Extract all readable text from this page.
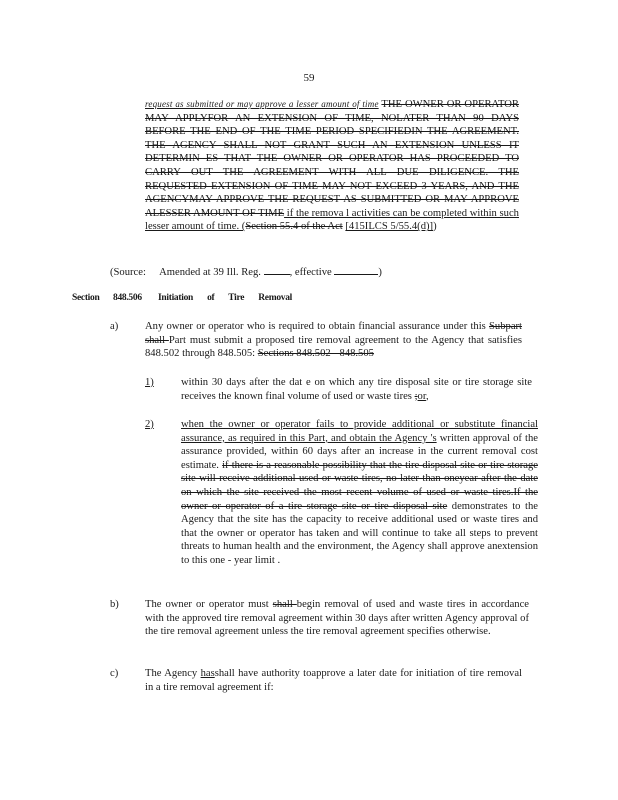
59

request as submitted or may approve a lesser amount of time THE OWNER OR OPERATOR MAY APPLYFOR AN EXTENSION OF TIME, NOLATER THAN 90 DAYS BEFORE THE END OF THE TIME PERIOD SPECIFIEDIN THE AGREEMENT. THE AGENCY SHALL NOT GRANT SUCH AN EXTENSION UNLESS IT DETERMIN ES THAT THE OWNER OR OPERATOR HAS PROCEEDED TO CARRY OUT THE AGREEMENT WITH ALL DUE DILIGENCE. THE REQUESTED EXTENSION OF TIME MAY NOT EXCEED 3 YEARS, AND THE AGENCYMAY APPROVE THE REQUEST AS SUBMITTED OR MAY APPROVE ALESSER AMOUNT OF TIME if the remova l activities can be completed within such lesser amount of time. (Section 55.4 of the Act [415ILCS 5/55.4(d)])

(Source: Amended at 39 Ill. Reg.	, effective	)
Section 848.506 Initiation of Tire Removal
a)	Any owner or operator who is required to obtain financial assurance under this Subpart shall Part must submit a proposed tire removal agreement to the Agency that satisfies 848.502 through 848.505: Sections 848.502 - 848.505

1)	within 30 days after the dat e on which any tire disposal site or tire storage site receives the known final volume of used or waste tires ;or,

2)	when the owner or operator fails to provide additional or substitute financial assurance, as required in this Part, and obtain the Agency 's written approval of the assurance provided, within 60 days after an increase in the current removal cost estimate. if there is a reasonable possibility that the tire disposal site or tire storage site will receive additional used or waste tires, no later than oneyear after the date on which the site received the most recent volume of used or waste tires.If the owner or operator of a tire storage site or tire disposal site demonstrates to the Agency that the site has the capacity to receive additional used or waste tires and that the owner or operator has taken and will continue to take all steps to prevent threats to human health and the environment, the Agency shall approve anextension to this one - year limit .

b) The owner or operator must shall begin removal of used and waste tires in accordance with the approved tire removal agreement within 30 days after written Agency approval of the tire removal agreement unless the tire removal agreement specifies otherwise.

c)	The Agency hasshall have authority toapprove a later date for initiation of tire removal in a tire removal agreement if:
